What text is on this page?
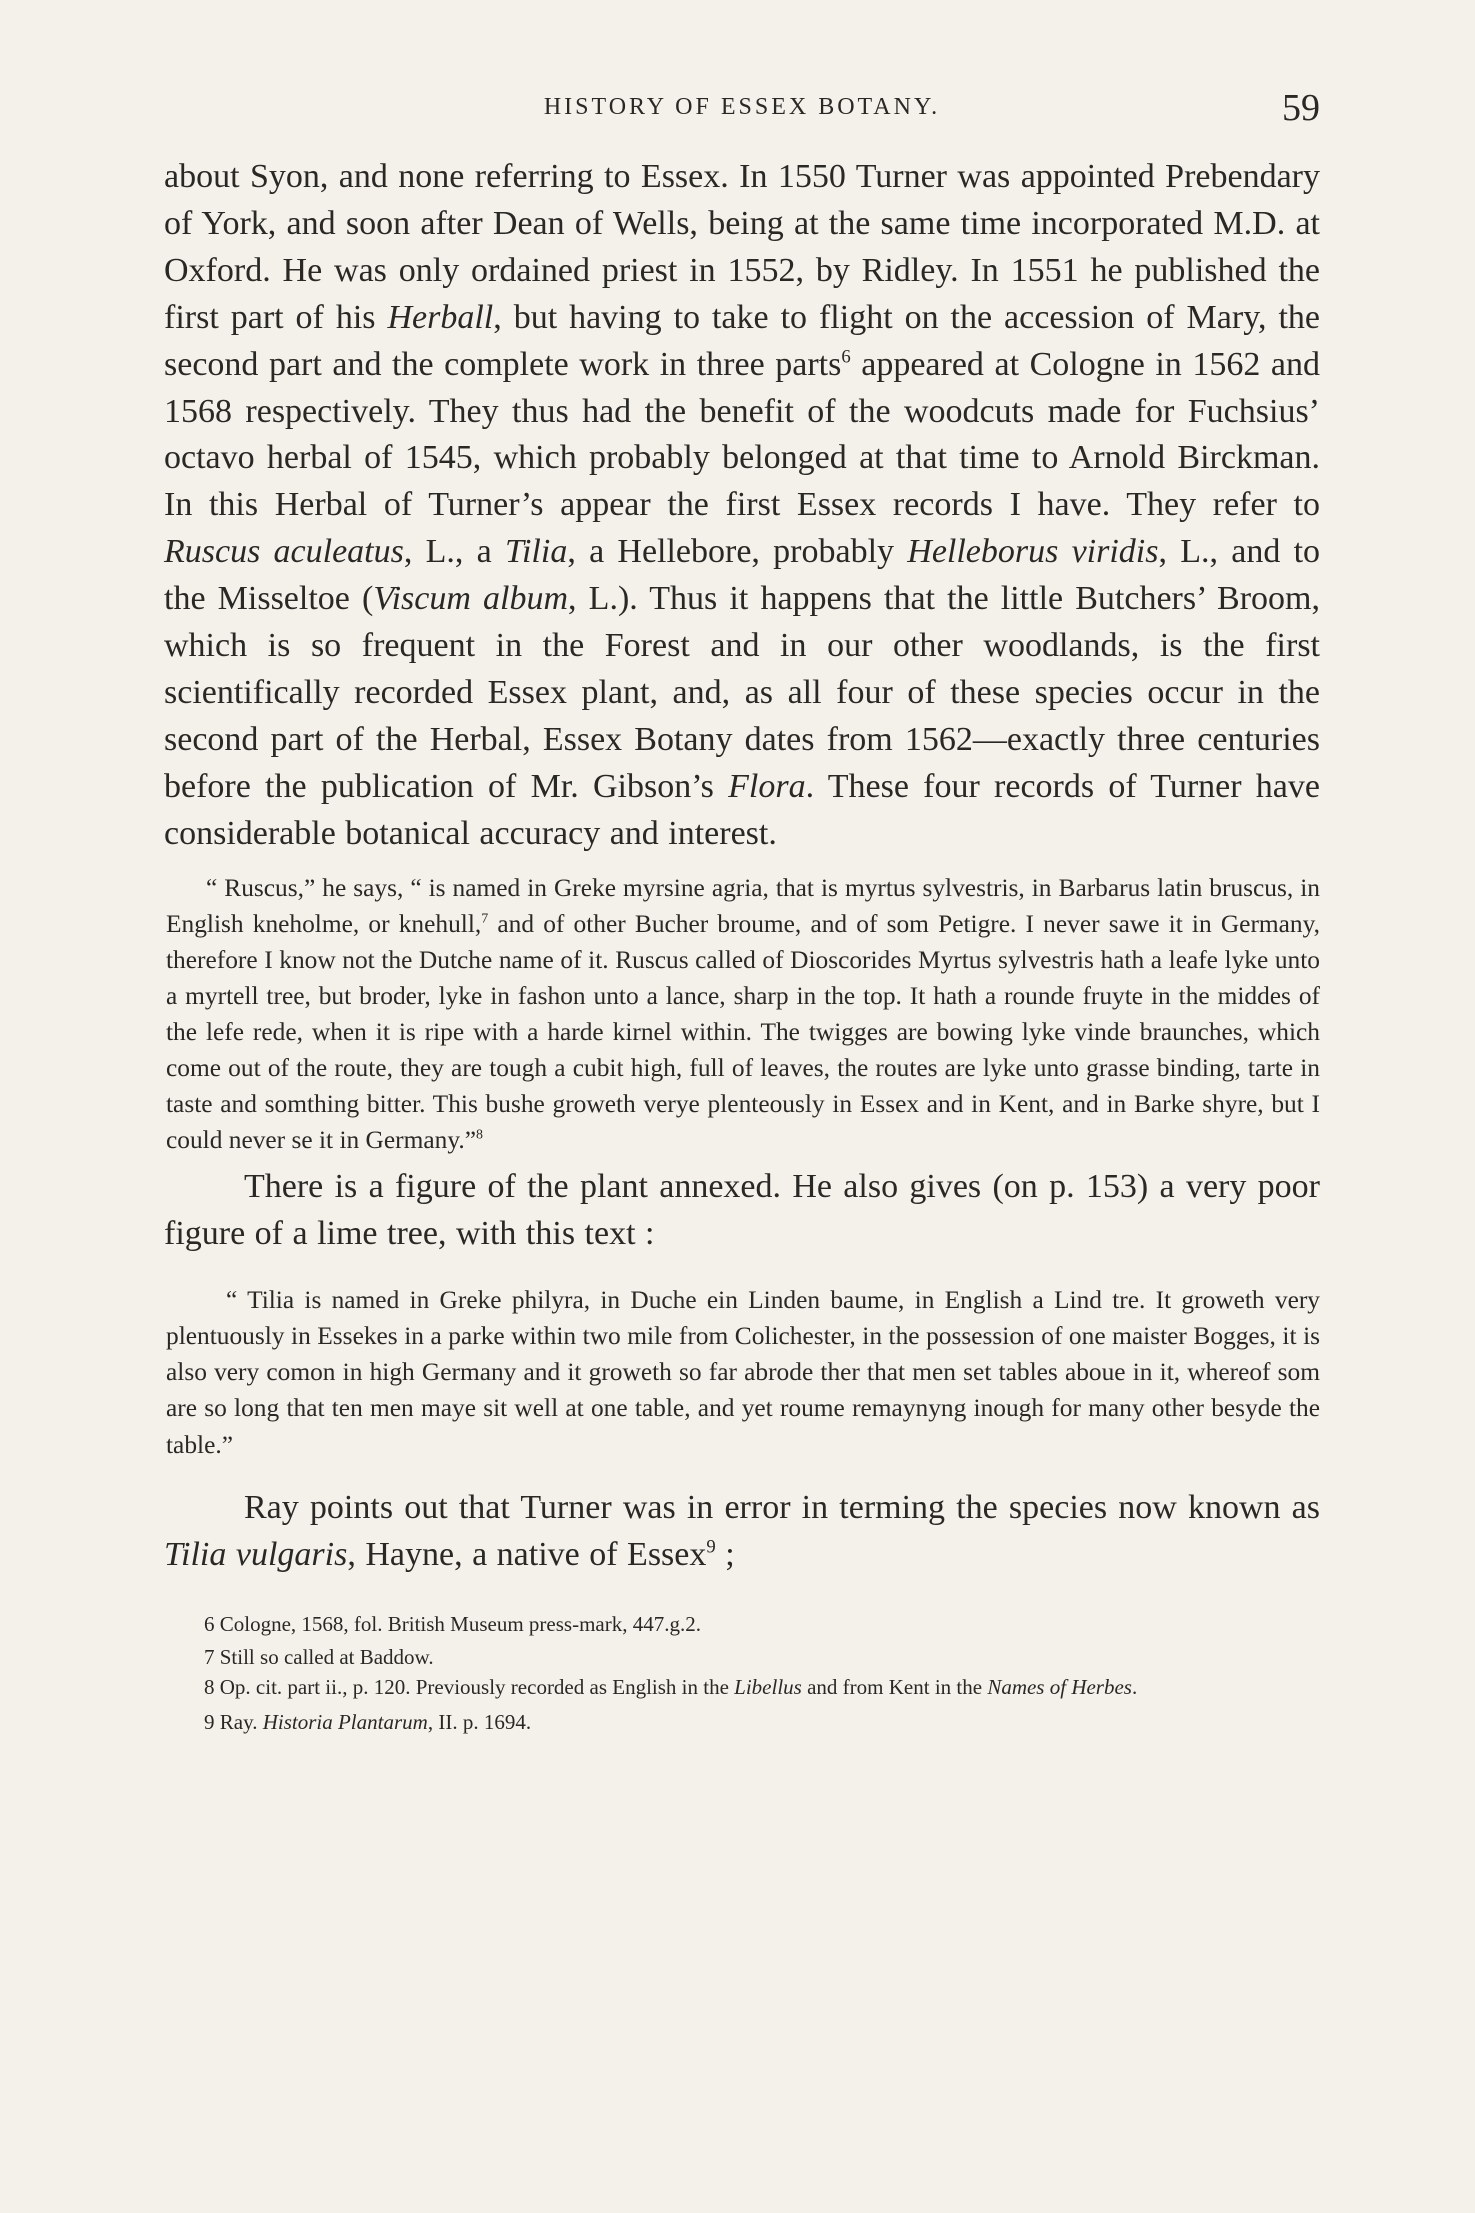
HISTORY OF ESSEX BOTANY.	59

about Syon, and none referring to Essex. In 1550 Turner was appointed Prebendary of York, and soon after Dean of Wells, being at the same time incorporated M.D. at Oxford. He was only ordained priest in 1552, by Ridley. In 1551 he published the first part of his Herball, but having to take to flight on the accession of Mary, the second part and the complete work in three parts$^6$ appeared at Cologne in 1562 and 1568 respectively. They thus had the benefit of the woodcuts made for Fuchsius’ octavo herbal of 1545, which probably belonged at that time to Arnold Birckman. In this Herbal of Turner’s appear the first Essex records I have. They refer to Ruscus aculeatus, L., a Tilia, a Hellebore, probably Helleborus viridis, L., and to the Misseltoe (Viscum album, L.). Thus it happens that the little Butchers’ Broom, which is so frequent in the Forest and in our other woodlands, is the first scientifically recorded Essex plant, and, as all four of these species occur in the second part of the Herbal, Essex Botany dates from 1562—exactly three centuries before the publication of Mr. Gibson’s Flora. These four records of Turner have considerable botanical accuracy and interest.

“ Ruscus,” he says, “ is named in Greke myrsine agria, that is myrtus sylvestris, in Barbarus latin bruscus, in English kneholme, or knehull,$^7$ and of other Bucher broume, and of som Petigre. I never sawe it in Germany, therefore I know not the Dutche name of it. Ruscus called of Dioscorides Myrtus sylvestris hath a leafe lyke unto a myrtell tree, but broder, lyke in fashon unto a lance, sharp in the top. It hath a rounde fruyte in the middes of the lefe rede, when it is ripe with a harde kirnel within. The twigges are bowing lyke vinde braunches, which come out of the route, they are tough a cubit high, full of leaves, the routes are lyke unto grasse binding, tarte in taste and somthing bitter. This bushe groweth verye plenteously in Essex and in Kent, and in Barke shyre, but I could never se it in Germany.”$^8$

There is a figure of the plant annexed. He also gives (on p. 153) a very poor figure of a lime tree, with this text :

“ Tilia is named in Greke philyra, in Duche ein Linden baume, in English a Lind tre. It groweth very plentuously in Essekes in a parke within two mile from Colichester, in the possession of one maister Bogges, it is also very comon in high Germany and it groweth so far abrode ther that men set tables aboue in it, whereof som are so long that ten men maye sit well at one table, and yet roume remaynyng inough for many other besyde the table.”

Ray points out that Turner was in error in terming the species now known as Tilia vulgaris, Hayne, a native of Essex$^9$ ;

6 Cologne, 1568, fol. British Museum press-mark, 447.g.2.

7 Still so called at Baddow.

8 Op. cit. part ii., p. 120. Previously recorded as English in the Libellus and from Kent in the Names of Herbes.

9 Ray. Historia Plantarum, II. p. 1694.
